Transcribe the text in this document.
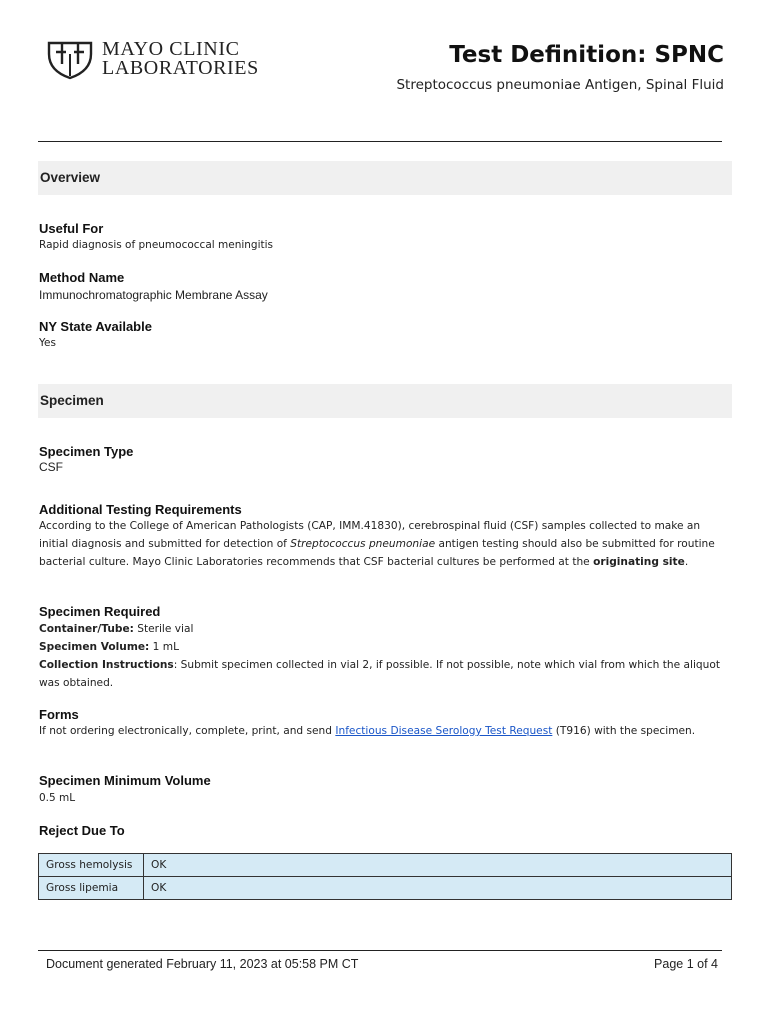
MAYO CLINIC
LABORATORIES	Test Definition: SPNC
Streptococcus pneumoniae Antigen, Spinal Fluid
Overview
Useful For
Rapid diagnosis of pneumococcal meningitis
Method Name
Immunochromatographic Membrane Assay
NY State Available
Yes
Specimen
Specimen Type
CSF
Additional Testing Requirements
According to the College of American Pathologists (CAP, IMM.41830), cerebrospinal fluid (CSF) samples collected to make an initial diagnosis and submitted for detection of Streptococcus pneumoniae antigen testing should also be submitted for routine bacterial culture. Mayo Clinic Laboratories recommends that CSF bacterial cultures be performed at the originating site.
Specimen Required
Container/Tube: Sterile vial
Specimen Volume: 1 mL
Collection Instructions: Submit specimen collected in vial 2, if possible. If not possible, note which vial from which the aliquot was obtained.
Forms
If not ordering electronically, complete, print, and send Infectious Disease Serology Test Request (T916) with the specimen.
Specimen Minimum Volume
0.5 mL
Reject Due To
Gross hemolysis	OK
Gross lipemia	OK
Document generated February 11, 2023 at 05:58 PM CT	Page 1 of 4
